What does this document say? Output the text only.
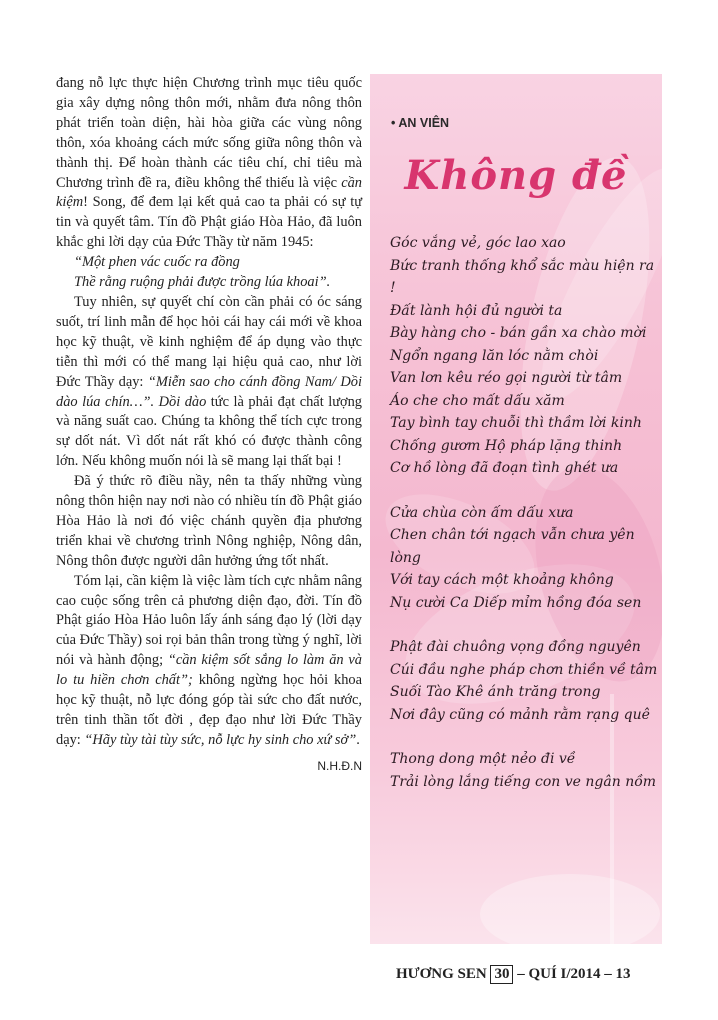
đang nỗ lực thực hiện Chương trình mục tiêu quốc gia xây dựng nông thôn mới, nhằm đưa nông thôn phát triển toàn diện, hài hòa giữa các vùng nông thôn, xóa khoảng cách mức sống giữa nông thôn và thành thị. Để hoàn thành các tiêu chí, chỉ tiêu mà Chương trình đề ra, điều không thể thiếu là việc cần kiệm! Song, để đem lại kết quả cao ta phải có sự tự tin và quyết tâm. Tín đồ Phật giáo Hòa Hảo, đã luôn khắc ghi lời dạy của Đức Thầy từ năm 1945:

“Một phen vác cuốc ra đồng

Thề rằng ruộng phải được trồng lúa khoai”.

Tuy nhiên, sự quyết chí còn cần phải có óc sáng suốt, trí linh mẫn để học hỏi cái hay cái mới về khoa học kỹ thuật, về kinh nghiệm để áp dụng vào thực tiễn thì mới có thể mang lại hiệu quả cao, như lời Đức Thầy dạy: “Miễn sao cho cánh đồng Nam/ Dồi dào lúa chín…”. Dồi dào tức là phải đạt chất lượng và năng suất cao. Chúng ta không thể tích cực trong sự dốt nát. Vì dốt nát rất khó có được thành công lớn. Nếu không muốn nói là sẽ mang lại thất bại !

Đã ý thức rõ điều nầy, nên ta thấy những vùng nông thôn hiện nay nơi nào có nhiều tín đồ Phật giáo Hòa Hảo là nơi đó việc chánh quyền địa phương triển khai về chương trình Nông nghiệp, Nông dân, Nông thôn được người dân hưởng ứng tốt nhất.

Tóm lại, cần kiệm là việc làm tích cực nhằm nâng cao cuộc sống trên cả phương diện đạo, đời. Tín đồ Phật giáo Hòa Hảo luôn lấy ánh sáng đạo lý (lời dạy của Đức Thầy) soi rọi bản thân trong từng ý nghĩ, lời nói và hành động; “cần kiệm sốt sắng lo làm ăn và lo tu hiền chơn chất”; không ngừng học hỏi khoa học kỹ thuật, nỗ lực đóng góp tài sức cho đất nước, trên tinh thần tốt đời , đẹp đạo như lời Đức Thầy dạy: “Hãy tùy tài tùy sức, nỗ lực hy sinh cho xứ sở”.

N.H.Đ.N
• AN VIÊN
Không đề
Góc vắng vẻ, góc lao xao
Bức tranh thống khổ sắc màu hiện ra !
Đất lành hội đủ người ta
Bày hàng cho - bán gần xa chào mời
Ngổn ngang lăn lóc nằm chòi
Van lơn kêu réo gọi người từ tâm
Áo che cho mất dấu xăm
Tay bình tay chuỗi thì thầm lời kinh
Chống gươm Hộ pháp lặng thinh
Cơ hồ lòng đã đoạn tình ghét ưa
Cửa chùa còn ấm dấu xưa
Chen chân tới ngạch vẫn chưa yên lòng
Với tay cách một khoảng không
Nụ cười Ca Diếp mỉm hồng đóa sen
Phật đài chuông vọng đồng nguyên
Cúi đầu nghe pháp chơn thiền về tâm
Suối Tào Khê ánh trăng trong
Nơi đây cũng có mảnh rằm rạng quê
Thong dong một nẻo đi về
Trải lòng lắng tiếng con ve ngân nồm
HƯƠNG SEN 30 – QUÍ I/2014 – 13
